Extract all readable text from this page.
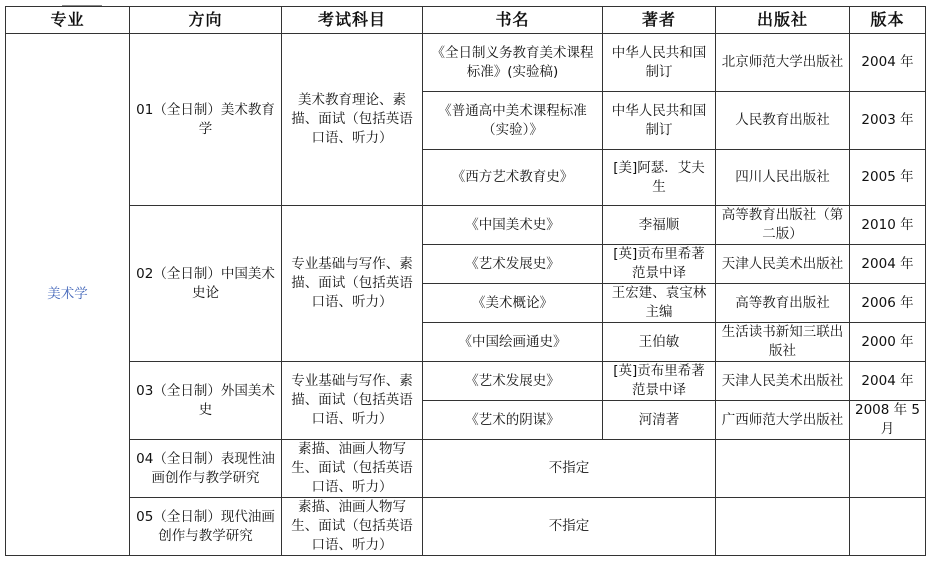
专业	方向	考试科目	书名	著者	出版社	版本
美术学	01（全日制）美术教育学	美术教育理论、素描、面试（包括英语口语、听力）	《全日制义务教育美术课程标准》(实验稿)	中华人民共和国制订	北京师范大学出版社	2004 年
			《普通高中美术课程标准（实验）》	中华人民共和国制订	人民教育出版社	2003 年
			《西方艺术教育史》	[美]阿瑟．艾夫生	四川人民出版社	2005 年
	02（全日制）中国美术史论	专业基础与写作、素描、面试（包括英语口语、听力）	《中国美术史》	李福顺	高等教育出版社（第二版）	2010 年
			《艺术发展史》	[英]贡布里希著范景中译	天津人民美术出版社	2004 年
			《美术概论》	王宏建、袁宝林主编	高等教育出版社	2006 年
			《中国绘画通史》	王伯敏	生活读书新知三联出版社	2000 年
	03（全日制）外国美术史	专业基础与写作、素描、面试（包括英语口语、听力）	《艺术发展史》	[英]贡布里希著范景中译	天津人民美术出版社	2004 年
			《艺术的阴谋》	河清著	广西师范大学出版社	2008 年 5 月
	04（全日制）表现性油画创作与教学研究	素描、油画人物写生、面试（包括英语口语、听力）	不指定			
	05（全日制）现代油画创作与教学研究	素描、油画人物写生、面试（包括英语口语、听力）	不指定			
